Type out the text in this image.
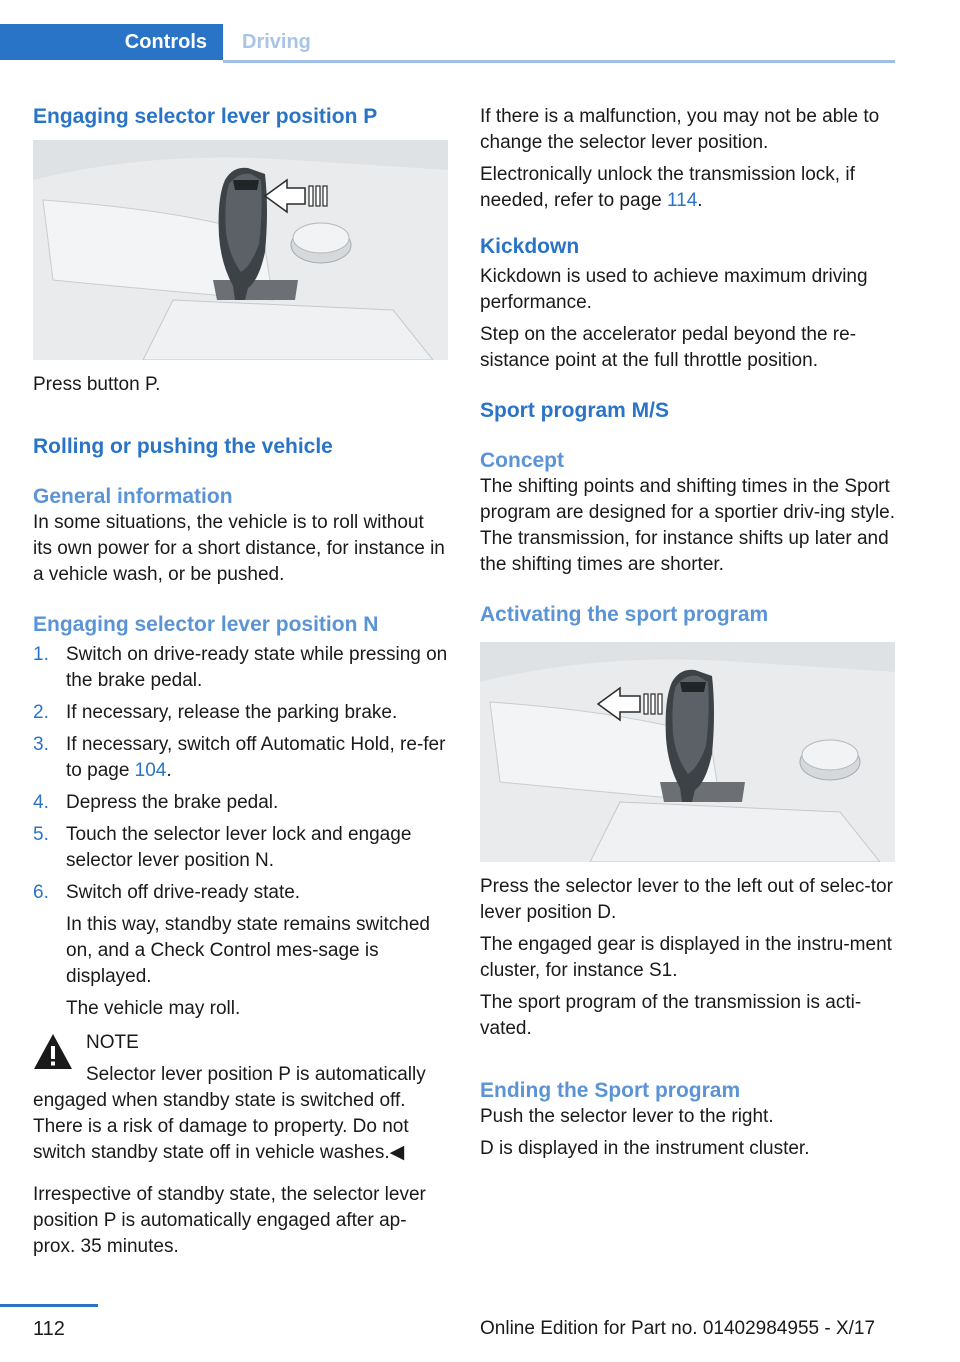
Controls	Driving
Engaging selector lever position P

Press button P.

Rolling or pushing the vehicle
General information

In some situations, the vehicle is to roll without its own power for a short distance, for instance in a vehicle wash, or be pushed.

Engaging selector lever position N
1. Switch on drive-ready state while pressing on the brake pedal.
2. If necessary, release the parking brake.
3. If necessary, switch off Automatic Hold, re‐fer to page 104.
4. Depress the brake pedal.
5. Touch the selector lever lock and engage selector lever position N.
6. Switch off drive-ready state.

In this way, standby state remains switched on, and a Check Control mes‐sage is displayed.

The vehicle may roll.

NOTE

Selector lever position P is automatically engaged when standby state is switched off. There is a risk of damage to property. Do not switch standby state off in vehicle washes.◀

Irrespective of standby state, the selector lever position P is automatically engaged after ap‐prox. 35 minutes.

If there is a malfunction, you may not be able to change the selector lever position.

Electronically unlock the transmission lock, if needed, refer to page 114.

Kickdown

Kickdown is used to achieve maximum driving performance.

Step on the accelerator pedal beyond the re‐sistance point at the full throttle position.

Sport program M/S
Concept

The shifting points and shifting times in the Sport program are designed for a sportier driv‐ing style. The transmission, for instance shifts up later and the shifting times are shorter.

Activating the sport program

Press the selector lever to the left out of selec‐tor lever position D.

The engaged gear is displayed in the instru‐ment cluster, for instance S1.

The sport program of the transmission is acti‐vated.

Ending the Sport program

Push the selector lever to the right.

D is displayed in the instrument cluster.

112	Online Edition for Part no. 01402984955 - X/17
